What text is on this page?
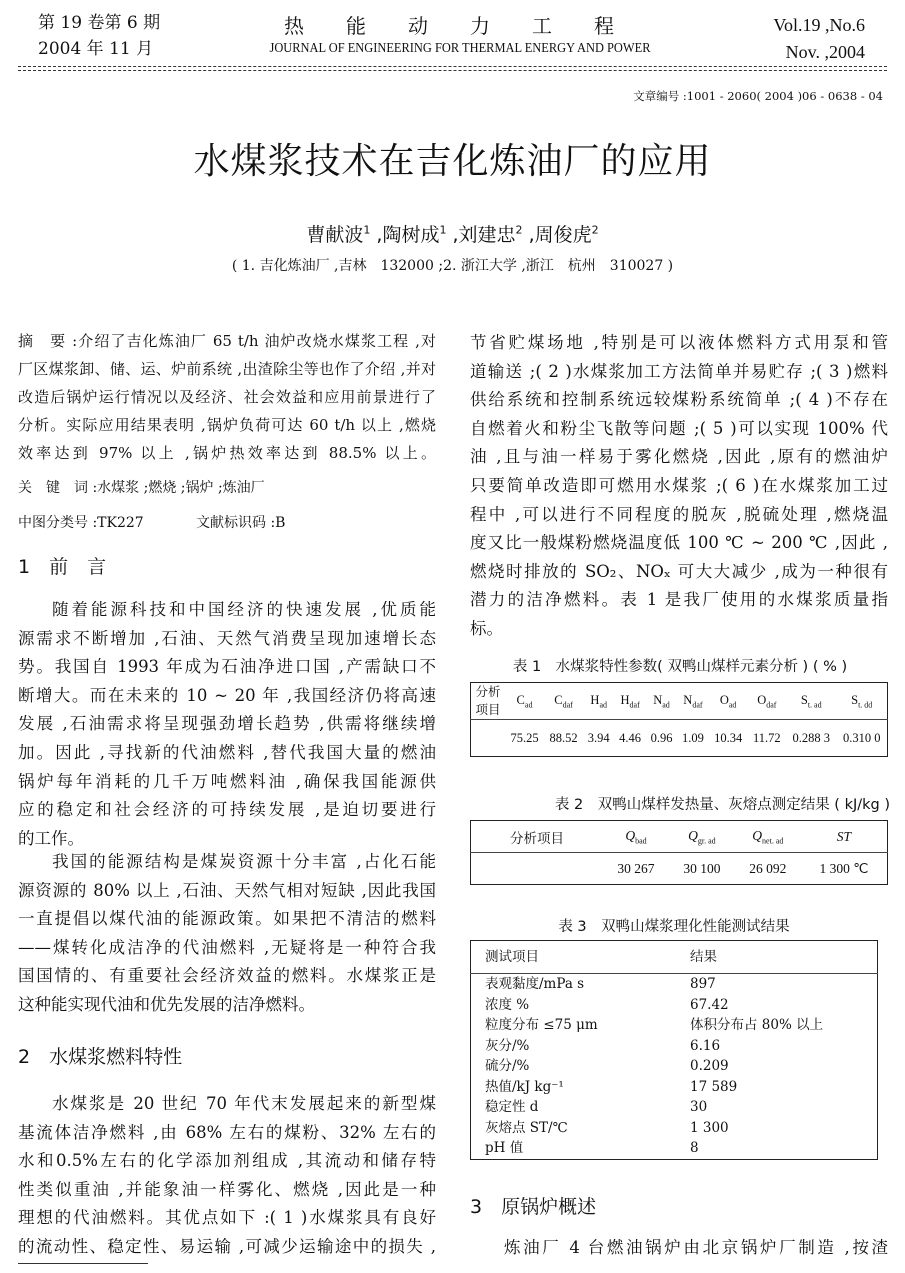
第 19 卷第 6 期
2004 年 11 月
热能动力工程
JOURNAL OF ENGINEERING FOR THERMAL ENERGY AND POWER
Vol.19 ,No.6
Nov. ,2004
文章编号 :1001 - 2060( 2004 )06 - 0638 - 04
水煤浆技术在吉化炼油厂的应用
曹献波$^1$ ,陶树成$^1$ ,刘建忠$^2$ ,周俊虎$^2$
( 1. 吉化炼油厂 ,吉林　132000 ;2. 浙江大学 ,浙江　杭州　310027 )
摘　要 :介绍了吉化炼油厂 65 t/h 油炉改烧水煤浆工程 ,对
厂区煤浆卸、储、运、炉前系统 ,出渣除尘等也作了介绍 ,并对
改造后锅炉运行情况以及经济、社会效益和应用前景进行了
分析。实际应用结果表明 ,锅炉负荷可达 60 t/h 以上 ,燃烧
效率达到 97% 以上 ,锅炉热效率达到 88.5% 以上。
关　键　词 :水煤浆 ;燃烧 ;锅炉 ;炼油厂
中图分类号 :TK227	文献标识码 :B
1　前　言
随着能源科技和中国经济的快速发展 ,优质能
源需求不断增加 ,石油、天然气消费呈现加速增长态
势。我国自 1993 年成为石油净进口国 ,产需缺口不
断增大。而在未来的 10 ~ 20 年 ,我国经济仍将高速
发展 ,石油需求将呈现强劲增长趋势 ,供需将继续增
加。因此 ,寻找新的代油燃料 ,替代我国大量的燃油
锅炉每年消耗的几千万吨燃料油 ,确保我国能源供
应的稳定和社会经济的可持续发展 ,是迫切要进行
的工作。
我国的能源结构是煤炭资源十分丰富 ,占化石能
源资源的 80% 以上 ,石油、天然气相对短缺 ,因此我国
一直提倡以煤代油的能源政策。如果把不清洁的燃料
——煤转化成洁净的代油燃料 ,无疑将是一种符合我
国国情的、有重要社会经济效益的燃料。水煤浆正是
这种能实现代油和优先发展的洁净燃料。
2　水煤浆燃料特性
水煤浆是 20 世纪 70 年代末发展起来的新型煤
基流体洁净燃料 ,由 68% 左右的煤粉、32% 左右的
水和0.5%左右的化学添加剂组成 ,其流动和储存特
性类似重油 ,并能象油一样雾化、燃烧 ,因此是一种
理想的代油燃料。其优点如下 :( 1 )水煤浆具有良好
的流动性、稳定性、易运输 ,可减少运输途中的损失 ,
节省贮煤场地 ,特别是可以液体燃料方式用泵和管
道输送 ;( 2 )水煤浆加工方法简单并易贮存 ;( 3 )燃料
供给系统和控制系统远较煤粉系统简单 ;( 4 )不存在
自燃着火和粉尘飞散等问题 ;( 5 )可以实现 100% 代
油 ,且与油一样易于雾化燃烧 ,因此 ,原有的燃油炉
只要简单改造即可燃用水煤浆 ;( 6 )在水煤浆加工过
程中 ,可以进行不同程度的脱灰 ,脱硫处理 ,燃烧温
度又比一般煤粉燃烧温度低 100 ℃ ~ 200 ℃ ,因此 ,
燃烧时排放的 SO₂、NOₓ 可大大减少 ,成为一种很有
潜力的洁净燃料。表 1 是我厂使用的水煤浆质量指
标。
表 1　水煤浆特性参数( 双鸭山煤样元素分析 ) ( % )
分析项目	$C_{ad}$	$C_{daf}$	$H_{ad}$	$H_{daf}$	$N_{ad}$	$N_{daf}$	$O_{ad}$	$O_{daf}$	$S_{t. ad}$	$S_{t. dd}$
	75.25	88.52	3.94	4.46	0.96	1.09	10.34	11.72	0.288 3	0.310 0
表 2　双鸭山煤样发热量、灰熔点测定结果 ( kJ/kg )
分析项目	$Q_{bad}$	$Q_{gr. ad}$	$Q_{net. ad}$	ST
	30 267	30 100	26 092	1 300 ℃
表 3　双鸭山煤浆理化性能测试结果
测试项目	结果
表观黏度/mPa s	897
浓度 %	67.42
粒度分布 ≤75 μm	体积分布占 80% 以上
灰分/%	6.16
硫分/%	0.209
热值/kJ kg⁻¹	17 589
稳定性 d	30
灰熔点 ST/℃	1 300
pH 值	8
3　原锅炉概述
炼油厂 4 台燃油锅炉由北京锅炉厂制造 ,按渣
